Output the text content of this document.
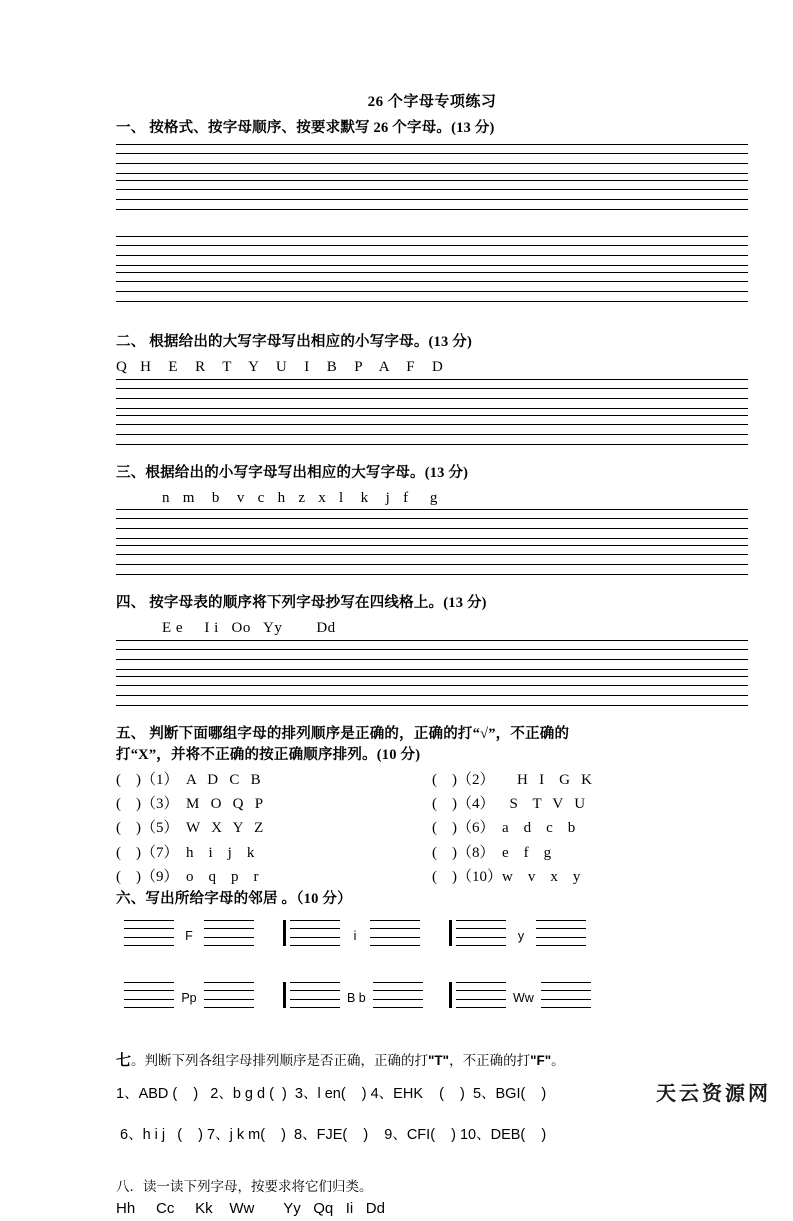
26 个字母专项练习
一、 按格式、按字母顺序、按要求默写 26 个字母。(13 分)
二、 根据给出的大写字母写出相应的小写字母。(13 分)
Q   H    E    R    T    Y    U    I    B    P    A    F    D
三、根据给出的小写字母写出相应的大写字母。(13 分)
n   m    b    v   c   h   z   x   l    k    j   f     g
四、 按字母表的顺序将下列字母抄写在四线格上。(13 分)
E e     I i   Oo   Yy        Dd
五、 判断下面哪组字母的排列顺序是正确的，正确的打“√”，不正确的
打“X”，并将不正确的按正确顺序排列。(10 分)
(    )（1）  A   D   C   B	(    )（2）      H   I    G   K
(    )（3）  M   O   Q   P	(    )（4）    S    T   V   U
(    )（5）  W   X   Y   Z	(    )（6）  a    d    c    b
(    )（7）  h    i    j    k	(    )（8）  e    f    g
(    )（9）  o    q    p    r	(    )（10）w    v    x    y
六、写出所给字母的邻居 。（10 分）
F	i	y
Pp	B b	Ww
七。判断下列各组字母排列顺序是否正确，正确的打"T"，不正确的打"F"。
1、ABD (    )   2、b g d (  )  3、l en(    ) 4、EHK    (    )  5、BGI(    )
6、h i j   (    ) 7、j k m(    )  8、FJE(    )    9、CFI(    ) 10、DEB(    )
八．读一读下列字母，按要求将它们归类。
Hh     Cc     Kk    Ww       Yy   Qq   Ii   Dd
天云资源网
